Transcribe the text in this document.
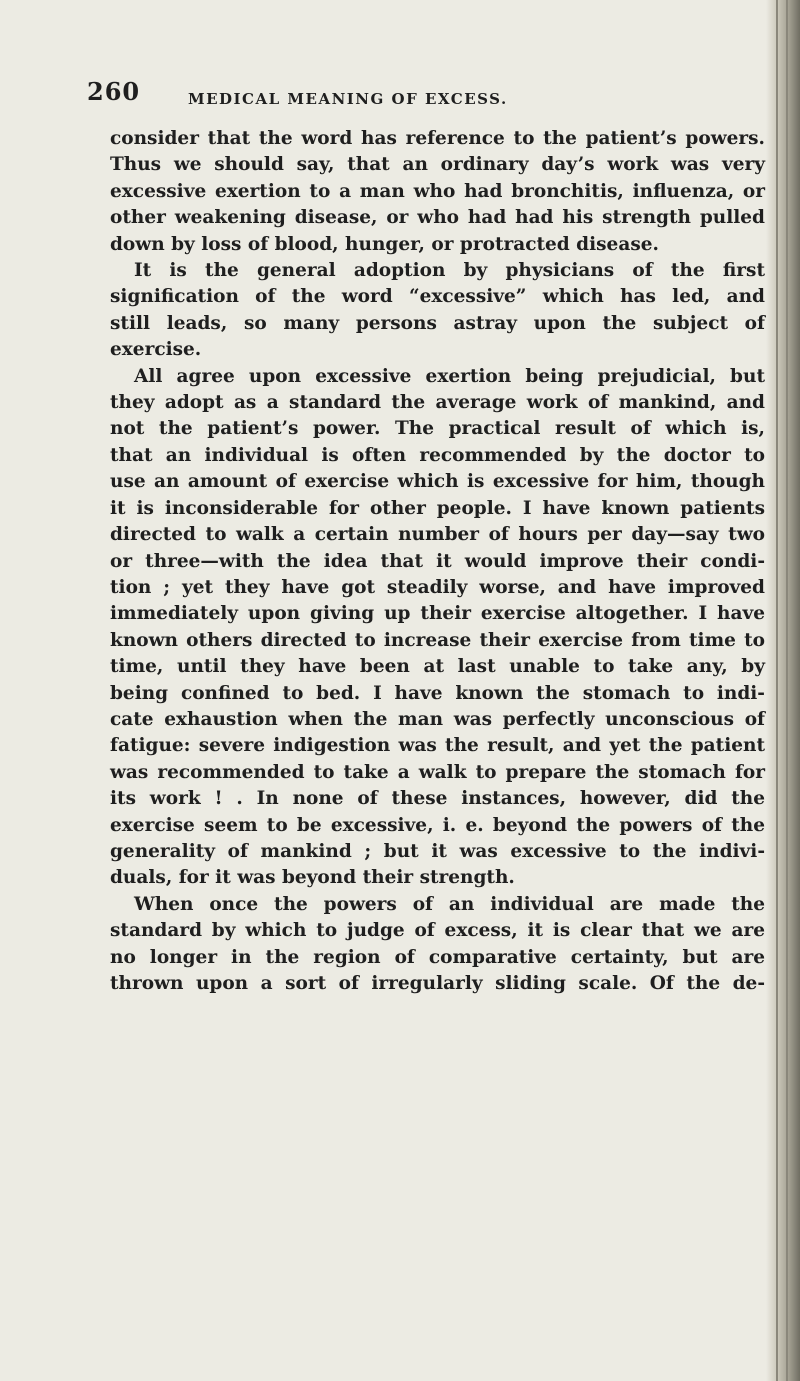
260	MEDICAL MEANING OF EXCESS.
consider that the word has reference to the patient’s powers.
Thus we should say, that an ordinary day’s work was very
excessive exertion to a man who had bronchitis, influenza, or
other weakening disease, or who had had his strength pulled
down by loss of blood, hunger, or protracted disease.
It is the general adoption by physicians of the first
signification of the word “excessive” which has led, and
still leads, so many persons astray upon the subject of
exercise.
All agree upon excessive exertion being prejudicial, but
they adopt as a standard the average work of mankind, and
not the patient’s power. The practical result of which is,
that an individual is often recommended by the doctor to
use an amount of exercise which is excessive for him, though
it is inconsiderable for other people. I have known patients
directed to walk a certain number of hours per day—say two
or three—with the idea that it would improve their condi-
tion ; yet they have got steadily worse, and have improved
immediately upon giving up their exercise altogether. I have
known others directed to increase their exercise from time to
time, until they have been at last unable to take any, by
being confined to bed. I have known the stomach to indi-
cate exhaustion when the man was perfectly unconscious of
fatigue: severe indigestion was the result, and yet the patient
was recommended to take a walk to prepare the stomach for
its work ! . In none of these instances, however, did the
exercise seem to be excessive, i. e. beyond the powers of the
generality of mankind ; but it was excessive to the indivi-
duals, for it was beyond their strength.
When once the powers of an individual are made the
standard by which to judge of excess, it is clear that we are
no longer in the region of comparative certainty, but are
thrown upon a sort of irregularly sliding scale. Of the de-
